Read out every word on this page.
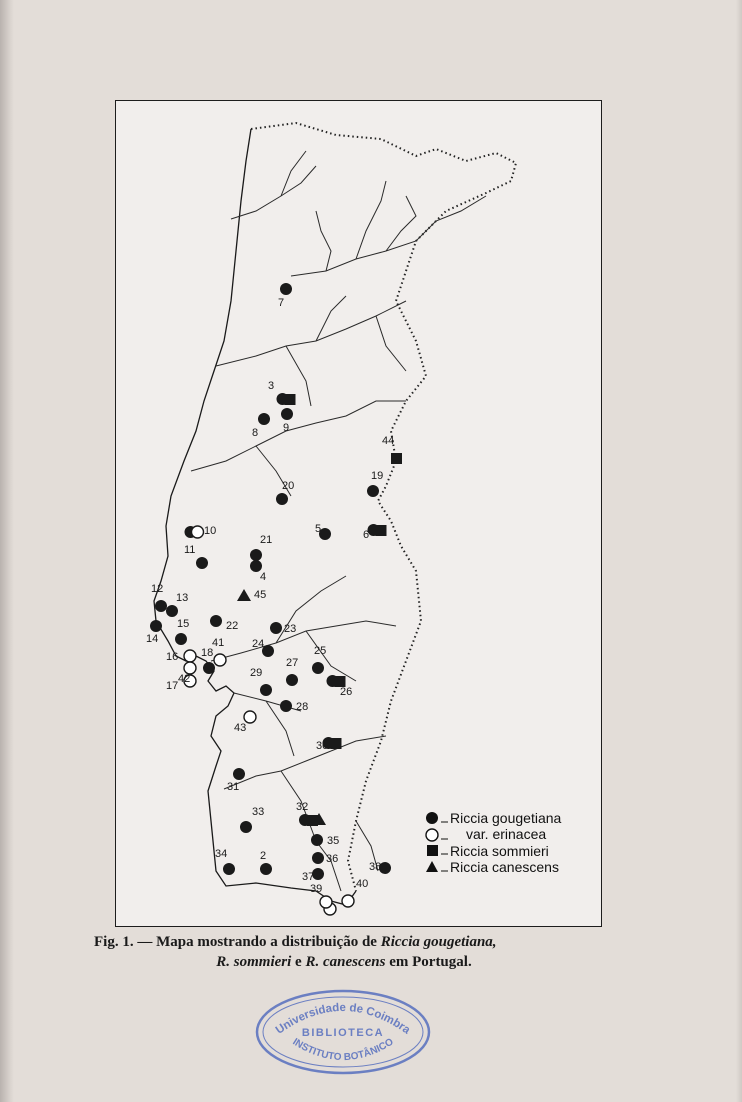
2
3
4
5	6
7
8 9
10
11
12
13
14
15
16
17
18
19
20
21
22	23
24
25
26
27
28
29
30
31
32
33
34
35
36
37
38
39	40
41
42
43
44
45
Riccia gougetiana
var. erinacea
Riccia sommieri
Riccia canescens
Fig. 1. — Mapa mostrando a distribuição de Riccia gougetiana,
R. sommieri e R. canescens em Portugal.
Universidade de Coimbra
BIBLIOTECA
INSTITUTO BOTÂNICO
